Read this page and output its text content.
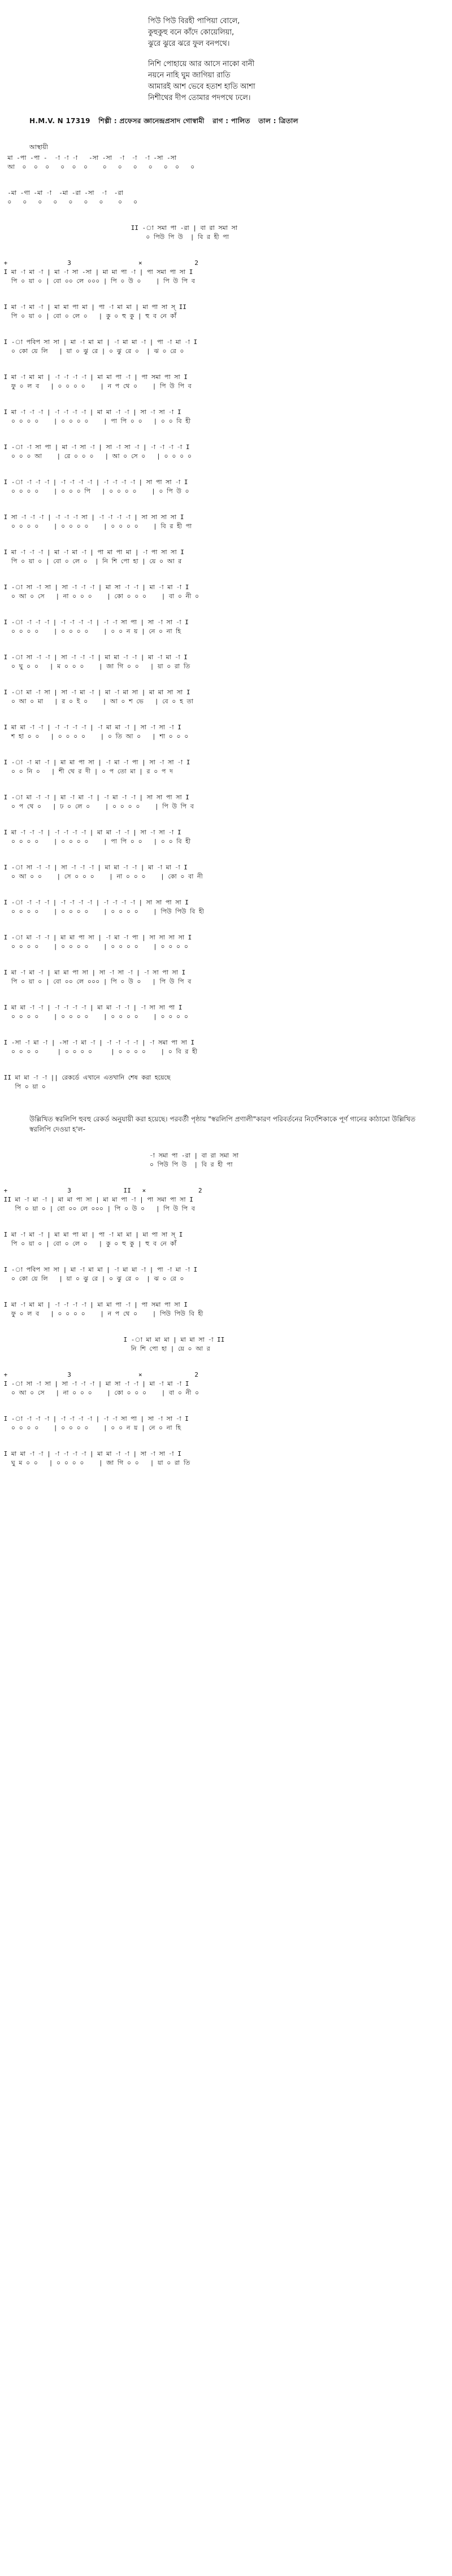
পিউ পিউ বিরহী পাপিয়া বোলে,
কুহুকুহু বনে কাঁদে কোয়েলিয়া,
ঝুরে ঝুরে ঝরে ফুল বনপথে।
নিশি পোহায়ে আর আসে নাকো বানী
নয়নে নাহি ঘুম জাগিয়া রাতি
আমারই আশ ভেবে হতাশ হাতি আশা
নিশীথের দীপ তোমার পদপথে ঢলে।
H.M.V. N 17319 শিল্পী : প্রফেসর জ্ঞানেন্দ্রপ্রসাদ গোস্বামী রাগ : পালিত তাল : ত্রিতাল
আস্থায়ী
মা -পা -পা -  -া -া -া   -সা -সা  -া  -া  -া -সা -সা
আ  ০  ০  ০   ০  ০  ০    ০   ০   ০   ০   ০  ০   ০
-মা -গা -মা -া  -মা -রা -সা  -া  -রা
০   ০   ০   ০   ০   ০   ০    ০   ০
II -া সমা পা -রা | বা রা সমা সা
০ পিউ পি উ  | বি র হী পা
+                3                  ×              2
I মা -া মা -া | মা -া সা -সা | মা মা পা -া | পা সমা পা সা I
পি ০ য়া ০ | বো ০০ লে ০০০ | পি ০ উ ০    | পি উ পি ব
I মা -া মা -া | মা মা পা মা | পা -া মা মা | মা পা সা স্ II
পি ০ য়া ০ | বো ০ লে ০   | কু ০ হু কু | হু ব নে কাঁ
I -া পবিপ সা সা | মা -া মা মা | -া মা মা -া | পা -া মা -া I
০ কো য়ে লি   | য়া ০ ঝু রে | ০ ঝু রে ০  | ঝ ০ রে ০
I মা -া মা মা | -া -া -া -া | মা মা পা -া | পা সমা পা সা I
ফু ০ ল ব   | ০ ০ ০ ০    | ন প থে ০    | পি উ পি ব
I মা -া -া -া | -া -া -া -া | মা মা -া -া | সা -া সা -া I
০ ০ ০ ০    | ০ ০ ০ ০    | পা পি ০ ০   | ০ ০ বি হী
I -া -া সা পা | মা -া সা -া | সা -া সা -া | -া -া -া -া I
০ ০ ০ আ    | রে ০ ০ ০   | আ ০ সে ০   | ০ ০ ০ ০
I -া -া -া -া | -া -া -া -া | -া -া -া -া | সা পা সা -া I
০ ০ ০ ০    | ০ ০ ০ পি   | ০ ০ ০ ০    | ০ পি উ ০
I সা -া -া -া | -া -া -া সা | -া -া -া -া | সা সা সা সা I
০ ০ ০ ০    | ০ ০ ০ ০    | ০ ০ ০ ০    | বি র হী পা
I মা -া -া -া | মা -া মা -া | পা মা পা মা | -া পা সা সা I
পি ০ য়া ০ | বো ০ লে ০  | নি শি পো হা | য়ে ০ আ র
I -া সা -া সা | সা -া -া -া | মা সা -া -া | মা -া মা -া I
০ আ ০ সে   | না ০ ০ ০    | কো ০ ০ ০    | বা ০ নী ০
I -া -া -া -া | -া -া -া -া | -া -া সা পা | সা -া সা -া I
০ ০ ০ ০    | ০ ০ ০ ০    | ০ ০ ন য় | নে ০ না হি
I -া সা -া -া | সা -া -া -া | মা মা -া -া | মা -া মা -া I
০ ঘু ০ ০   | ম ০ ০ ০    | জা গি ০ ০   | য়া ০ রা তি
I -া মা -া সা | সা -া মা -া | মা -া মা সা | মা মা সা সা I
০ আ ০ মা   | র ০ ই ০    | আ ০ শ ভে   | বে ০ হ তা
I মা মা -া -া | -া -া -া -া | -া মা মা -া | সা -া সা -া I
শ হা ০ ০   | ০ ০ ০ ০    | ০ তি আ ০   | শা ০ ০ ০
I -া -া মা -া | মা মা পা সা | -া মা -া পা | সা -া সা -া I
০ ০ নি ০   | শী থে র দী | ০ প তো মা | র ০ প দ
I -া মা -া -া | মা -া মা -া | -া মা -া -া | সা সা পা সা I
০ প থে ০   | ঢ ০ লে ০    | ০ ০ ০ ০    | পি উ পি ব
I মা -া -া -া | -া -া -া -া | মা মা -া -া | সা -া সা -া I
০ ০ ০ ০    | ০ ০ ০ ০    | পা পি ০ ০   | ০ ০ বি হী
I -া সা -া -া | সা -া -া -া | মা মা -া -া | মা -া মা -া I
০ আ ০ ০    | সে ০ ০ ০    | না ০ ০ ০    | কো ০ বা নী
I -া -া -া -া | -া -া -া -া | -া -া -া -া | সা সা পা সা I
০ ০ ০ ০    | ০ ০ ০ ০    | ০ ০ ০ ০    | পিউ পিউ বি হী
I -া মা -া -া | মা মা পা সা | -া মা -া পা | সা সা সা সা I
০ ০ ০ ০    | ০ ০ ০ ০    | ০ ০ ০ ০    | ০ ০ ০ ০
I মা -া মা -া | মা মা পা সা | সা -া সা -া | -া সা পা সা I
পি ০ য়া ০ | বো ০০ লে ০০০ | পি ০ উ ০   | পি উ পি ব
I মা মা -া -া | -া -া -া -া | মা মা -া -া | -া সা সা পা I
০ ০ ০ ০    | ০ ০ ০ ০    | ০ ০ ০ ০    | ০ ০ ০ ০
I -সা -া মা -া | -সা -া মা -া | -া -া -া -া | -া সমা পা সা I
০ ০ ০ ০     | ০ ০ ০ ০     | ০ ০ ০ ০    | ০ বি র হী
II মা মা -া -া || রেকর্ডে এখানে এতখানি শেষ করা হয়েছে
পি ০ য়া ০
উল্লিখিত স্বরলিপি হুবহু রেকর্ড অনুযায়ী করা হয়েছে। পরবর্তী পৃষ্ঠায় "স্বরলিপি প্রণালী"কারণ পরিবর্তনের নির্দেশিকাকে পূর্ণ গানের কাঠামো উল্লিখিত স্বরলিপি দেওয়া হ'ল-
-া সমা পা -রা | বা রা সমা সা
০ পিউ পি উ  | বি র হী পা
+                3              II   ×              2
II মা -া মা -া | মা মা পা সা | মা মা পা -া | পা সমা পা সা I
পি ০ য়া ০ | বো ০০ লে ০০০ | পি ০ উ ০   | পি উ পি ব
I মা -া মা -া | মা মা পা মা | পা -া মা মা | মা পা সা স্ I
পি ০ য়া ০ | বো ০ লে ০   | কু ০ হু কু | হু ব নে কাঁ
I -া পবিপ সা সা | মা -া মা মা | -া মা মা -া | পা -া মা -া I
০ কো য়ে লি   | য়া ০ ঝু রে | ০ ঝু রে ০  | ঝ ০ রে ০
I মা -া মা মা | -া -া -া -া | মা মা পা -া | পা সমা পা সা I
ফু ০ ল ব   | ০ ০ ০ ০    | ন প থে ০    | পিউ পিউ বি হী
I -া মা মা মা | মা মা সা -া II
নি শি পো হা | য়ে ০ আ র
+                3                  ×              2
I -া সা -া সা | সা -া -া -া | মা সা -া -া | মা -া মা -া I
০ আ ০ সে   | না ০ ০ ০    | কো ০ ০ ০    | বা ০ নী ০
I -া -া -া -া | -া -া -া -া | -া -া সা পা | সা -া সা -া I
০ ০ ০ ০    | ০ ০ ০ ০    | ০ ০ ন য় | নে ০ না হি
I মা মা -া -া | -া -া -া -া | মা মা -া -া | সা -া সা -া I
ঘু ম ০ ০   | ০ ০ ০ ০    | জা গি ০ ০   | য়া ০ রা তি
